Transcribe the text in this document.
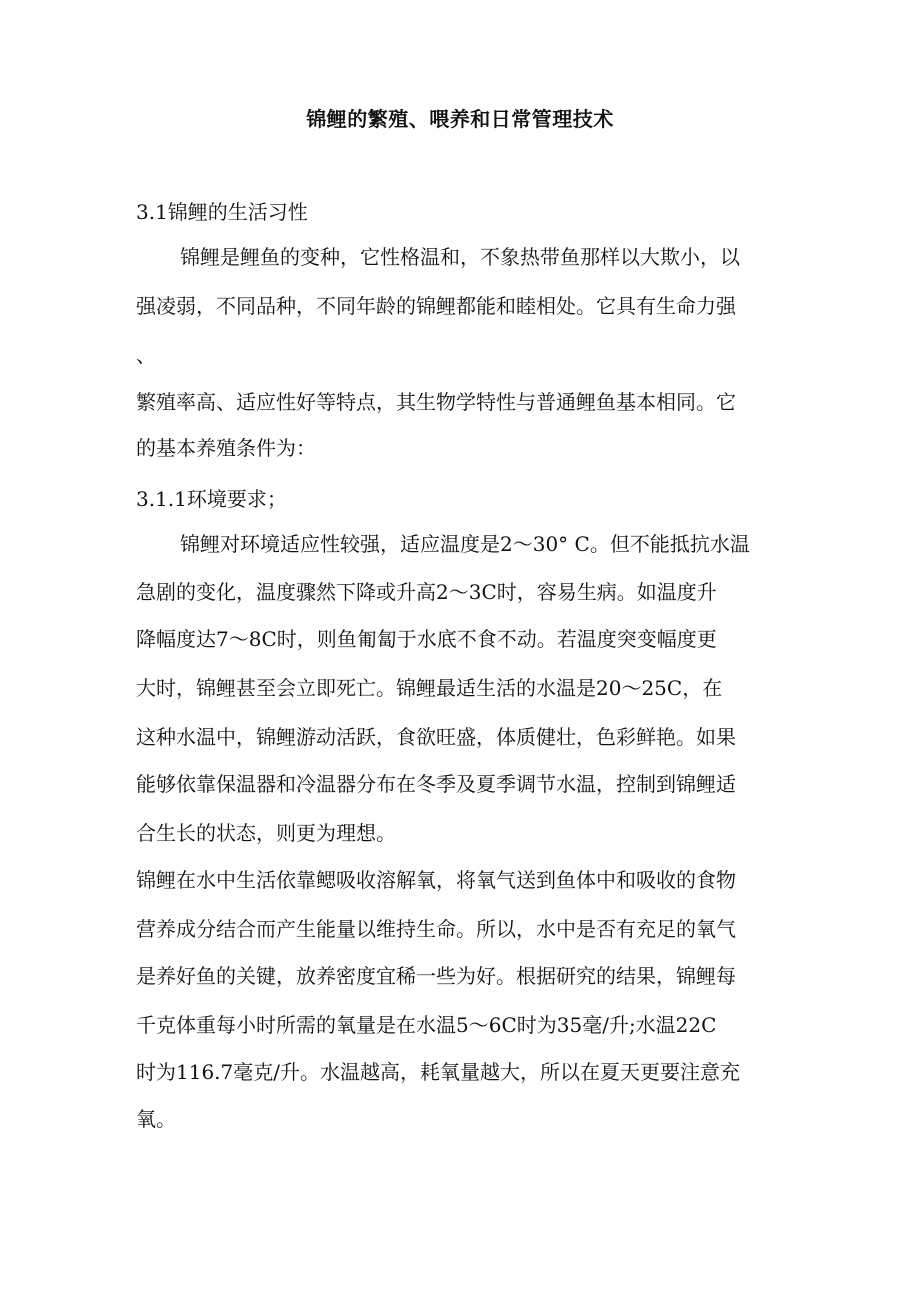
锦鲤的繁殖、喂养和日常管理技术
3.1锦鲤的生活习性
锦鲤是鲤鱼的变种，它性格温和，不象热带鱼那样以大欺小，以
强凌弱，不同品种，不同年龄的锦鲤都能和睦相处。它具有生命力强
、
繁殖率高、适应性好等特点，其生物学特性与普通鲤鱼基本相同。它
的基本养殖条件为：
3.1.1环境要求；
锦鲤对环境适应性较强，适应温度是2～30° C。但不能抵抗水温
急剧的变化，温度骤然下降或升高2～3C时，容易生病。如温度升
降幅度达7～8C时，则鱼匍匐于水底不食不动。若温度突变幅度更
大时，锦鲤甚至会立即死亡。锦鲤最适生活的水温是20～25C，在
这种水温中，锦鲤游动活跃，食欲旺盛，体质健壮，色彩鲜艳。如果
能够依靠保温器和冷温器分布在冬季及夏季调节水温，控制到锦鲤适
合生长的状态，则更为理想。
锦鲤在水中生活依靠鳃吸收溶解氧，将氧气送到鱼体中和吸收的食物
营养成分结合而产生能量以维持生命。所以，水中是否有充足的氧气
是养好鱼的关键，放养密度宜稀一些为好。根据研究的结果，锦鲤每
千克体重每小时所需的氧量是在水温5～6C时为35毫/升;水温22C
时为116.7毫克/升。水温越高，耗氧量越大，所以在夏天更要注意充
氧。
